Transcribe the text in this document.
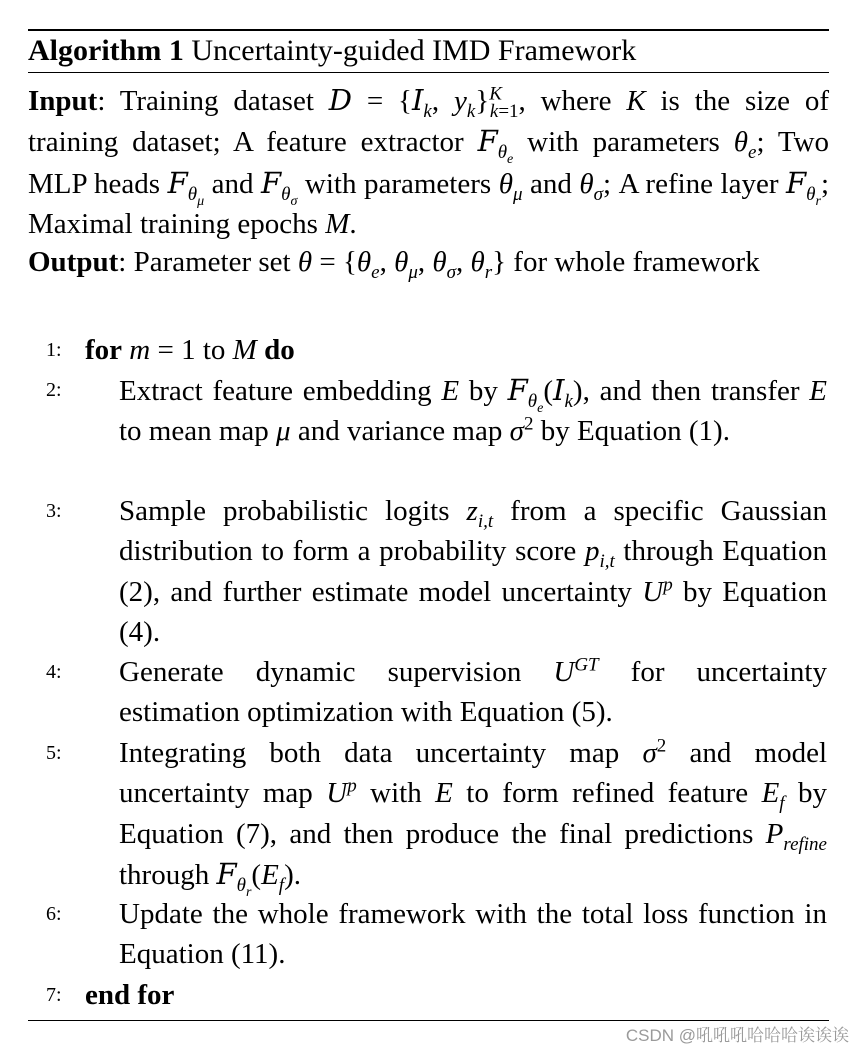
Algorithm 1 Uncertainty-guided IMD Framework
Input: Training dataset $D = \{I_k$, $y_k\}^K_{k=1}$, where K is the size of training dataset; A feature extractor $F_{\theta_e}$ with parameters $\theta_e$; Two MLP heads $F_{\theta_\mu}$ and $F_{\theta_\sigma}$ with parameters $\theta_\mu$ and $\theta_\sigma$; A refine layer $F_{\theta_r}$; Maximal training epochs M.
Output: Parameter set $\theta = \{\theta_e$, $\theta_\mu$, $\theta_\sigma$, $\theta_r$} for whole framework
1: for m = 1 to M do
2: Extract feature embedding E by $F_{\theta_e}(I_k)$, and then transfer E to mean map μ and variance map $\sigma^2$ by Equation (1).
3: Sample probabilistic logits $z_{i,t}$ from a specific Gaussian distribution to form a probability score $p_{i,t}$ through Equation (2), and further estimate model uncertainty $U^p$ by Equation (4).
4: Generate dynamic supervision $U^{GT}$ for uncertainty estimation optimization with Equation (5).
5: Integrating both data uncertainty map $\sigma^2$ and model uncertainty map $U^p$ with E to form refined feature $E_f$ by Equation (7), and then produce the final predictions $P_{refine}$ through $F_{\theta_r}(E_f)$.
6: Update the whole framework with the total loss function in Equation (11).
7: end for
CSDN @吼吼吼哈哈哈诶诶诶
